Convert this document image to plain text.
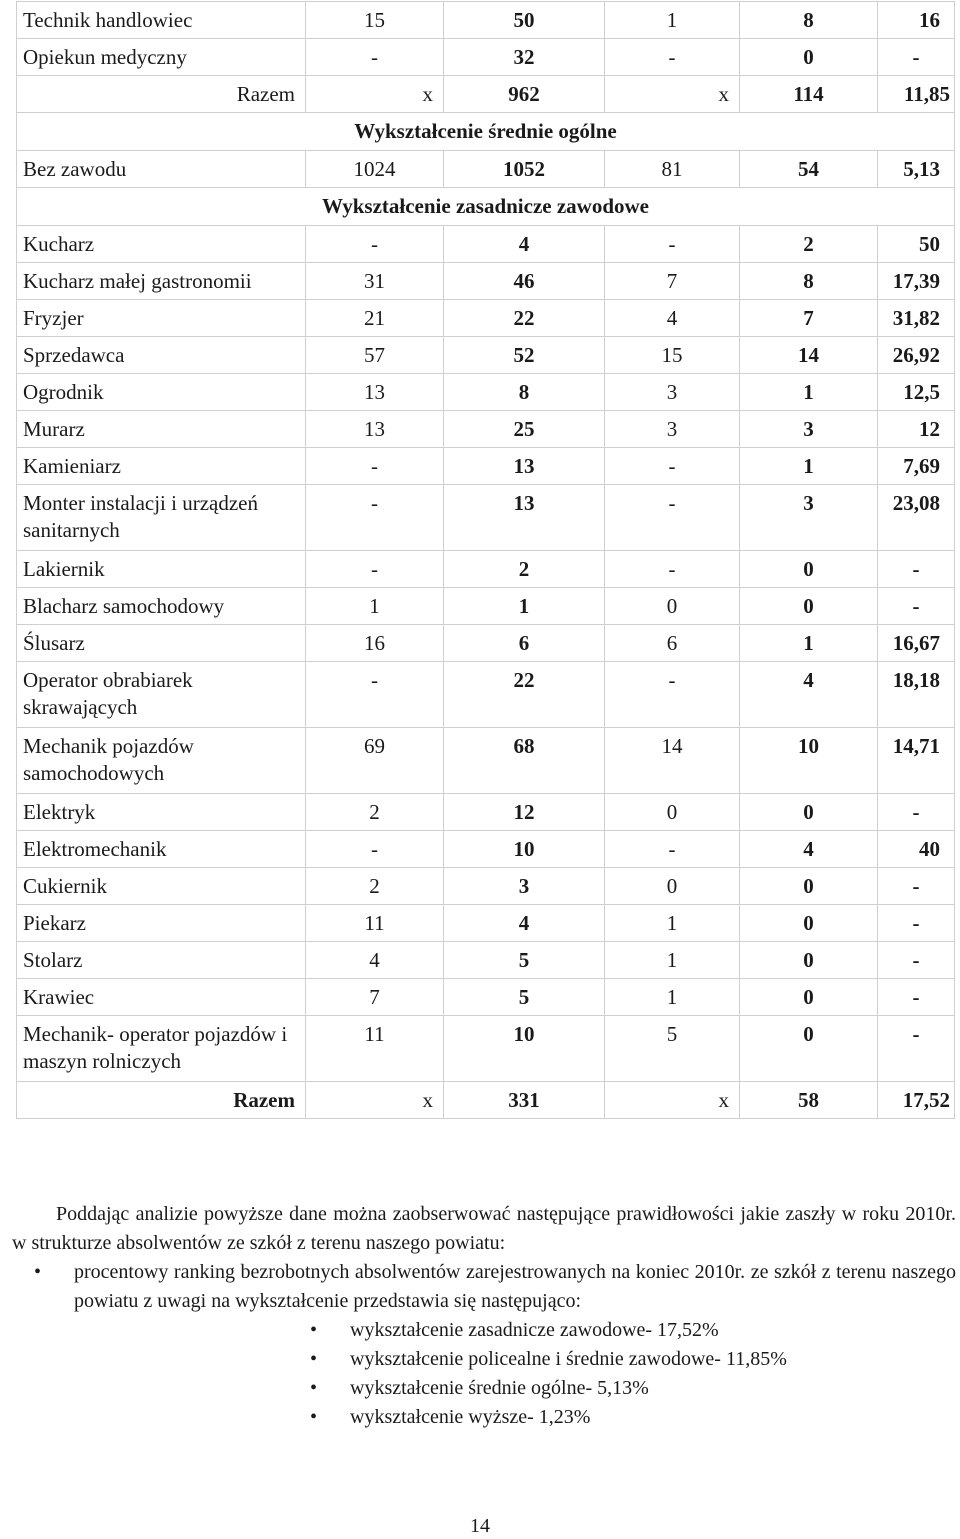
Technik handlowiec	15	50	1	8	16
Opiekun medyczny	-	32	-	0	-
Razem	x	962	x	114	11,85
Wykształcenie średnie ogólne					
Bez zawodu	1024	1052	81	54	5,13
Wykształcenie zasadnicze zawodowe					
Kucharz	-	4	-	2	50
Kucharz małej gastronomii	31	46	7	8	17,39
Fryzjer	21	22	4	7	31,82
Sprzedawca	57	52	15	14	26,92
Ogrodnik	13	8	3	1	12,5
Murarz	13	25	3	3	12
Kamieniarz	-	13	-	1	7,69
Monter instalacji i urządzeń sanitarnych	-	13	-	3	23,08
Lakiernik	-	2	-	0	-
Blacharz samochodowy	1	1	0	0	-
Ślusarz	16	6	6	1	16,67
Operator obrabiarek skrawających	-	22	-	4	18,18
Mechanik pojazdów samochodowych	69	68	14	10	14,71
Elektryk	2	12	0	0	-
Elektromechanik	-	10	-	4	40
Cukiernik	2	3	0	0	-
Piekarz	11	4	1	0	-
Stolarz	4	5	1	0	-
Krawiec	7	5	1	0	-
Mechanik- operator pojazdów i maszyn rolniczych	11	10	5	0	-
Razem	x	331	x	58	17,52

Poddając analizie powyższe dane można zaobserwować następujące prawidłowości jakie zaszły w roku 2010r. w strukturze absolwentów ze szkół z terenu naszego powiatu:

• procentowy ranking bezrobotnych absolwentów zarejestrowanych na koniec 2010r. ze szkół z terenu naszego powiatu z uwagi na wykształcenie przedstawia się następująco:
• wykształcenie zasadnicze zawodowe- 17,52%
• wykształcenie policealne i średnie zawodowe- 11,85%
• wykształcenie średnie ogólne- 5,13%
• wykształcenie wyższe- 1,23%
14
